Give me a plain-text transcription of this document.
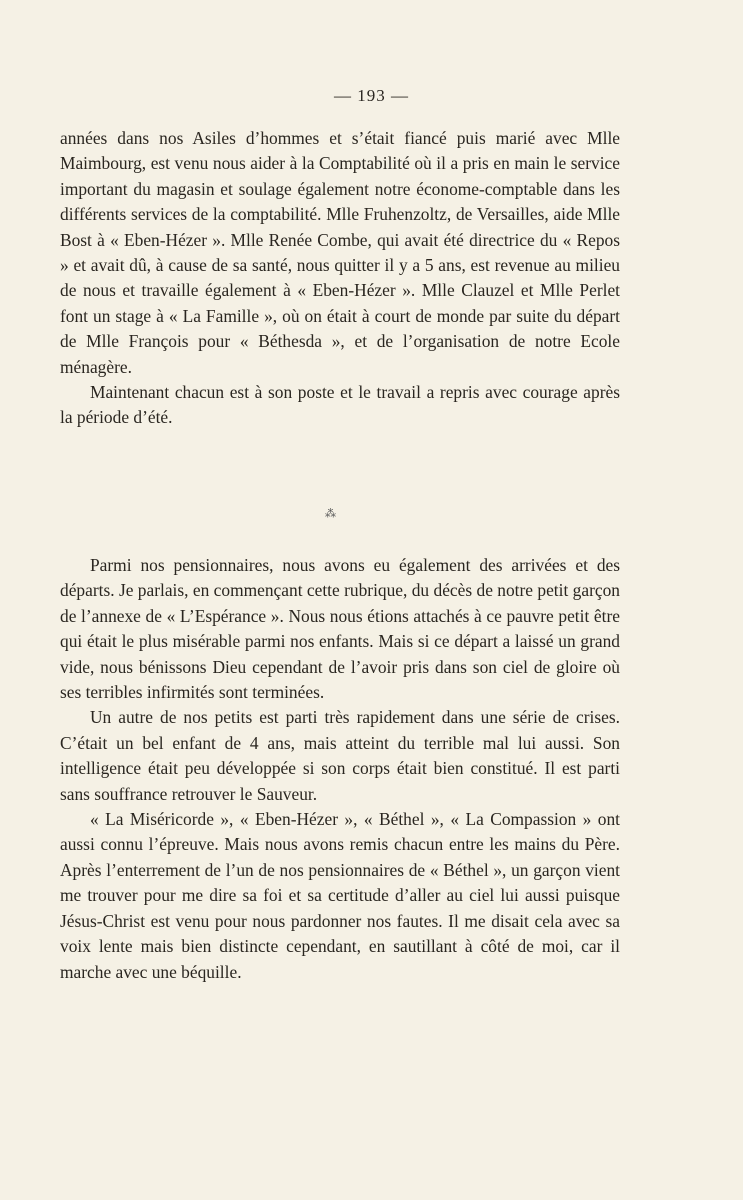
— 193 —

années dans nos Asiles d’hommes et s’était fiancé puis marié avec Mlle Maimbourg, est venu nous aider à la Comptabilité où il a pris en main le service important du magasin et soulage également notre économe-comptable dans les différents services de la comptabilité. Mlle Fruhenzoltz, de Versailles, aide Mlle Bost à « Eben-Hézer ». Mlle Renée Combe, qui avait été directrice du « Repos » et avait dû, à cause de sa santé, nous quitter il y a 5 ans, est revenue au milieu de nous et travaille également à « Eben-Hézer ». Mlle Clauzel et Mlle Perlet font un stage à « La Famille », où on était à court de monde par suite du départ de Mlle François pour « Béthesda », et de l’organisation de notre Ecole ménagère.

Maintenant chacun est à son poste et le travail a repris avec courage après la période d’été.

⁂

Parmi nos pensionnaires, nous avons eu également des arrivées et des départs. Je parlais, en commençant cette rubrique, du décès de notre petit garçon de l’annexe de « L’Espérance ». Nous nous étions attachés à ce pauvre petit être qui était le plus misérable parmi nos enfants. Mais si ce départ a laissé un grand vide, nous bénissons Dieu cependant de l’avoir pris dans son ciel de gloire où ses terribles infirmités sont terminées.

Un autre de nos petits est parti très rapidement dans une série de crises. C’était un bel enfant de 4 ans, mais atteint du terrible mal lui aussi. Son intelligence était peu développée si son corps était bien constitué. Il est parti sans souffrance retrouver le Sauveur.

« La Miséricorde », « Eben-Hézer », « Béthel », « La Compassion » ont aussi connu l’épreuve. Mais nous avons remis chacun entre les mains du Père. Après l’enterrement de l’un de nos pensionnaires de « Béthel », un garçon vient me trouver pour me dire sa foi et sa certitude d’aller au ciel lui aussi puisque Jésus-Christ est venu pour nous pardonner nos fautes. Il me disait cela avec sa voix lente mais bien distincte cependant, en sautillant à côté de moi, car il marche avec une béquille.
